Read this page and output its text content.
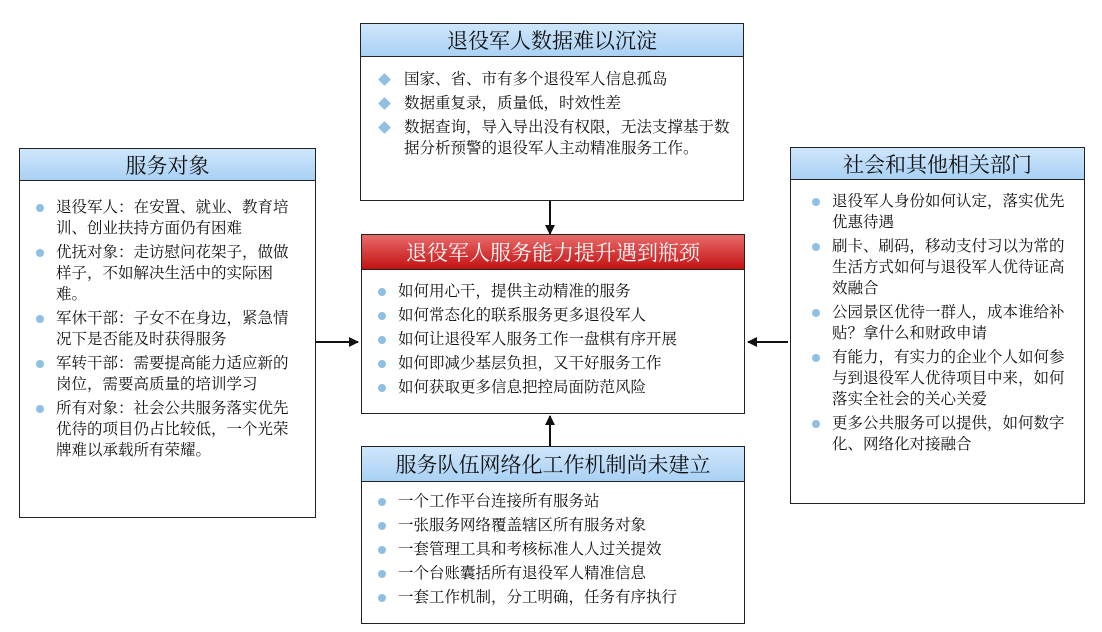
退役军人数据难以沉淀
国家、省、市有多个退役军人信息孤岛
数据重复录，质量低，时效性差
数据查询，导入导出没有权限，无法支撑基于数据分析预警的退役军人主动精准服务工作。
服务对象
退役军人：在安置、就业、教育培训、创业扶持方面仍有困难
优抚对象：走访慰问花架子，做做样子，不如解决生活中的实际困难。
军休干部：子女不在身边，紧急情况下是否能及时获得服务
军转干部：需要提高能力适应新的岗位，需要高质量的培训学习
所有对象：社会公共服务落实优先优待的项目仍占比较低，一个光荣牌难以承载所有荣耀。
退役军人服务能力提升遇到瓶颈
如何用心干，提供主动精准的服务
如何常态化的联系服务更多退役军人
如何让退役军人服务工作一盘棋有序开展
如何即减少基层负担，又干好服务工作
如何获取更多信息把控局面防范风险
社会和其他相关部门
退役军人身份如何认定，落实优先优惠待遇
刷卡、刷码，移动支付习以为常的生活方式如何与退役军人优待证高效融合
公园景区优待一群人，成本谁给补贴？拿什么和财政申请
有能力，有实力的企业个人如何参与到退役军人优待项目中来，如何落实全社会的关心关爱
更多公共服务可以提供，如何数字化、网络化对接融合
服务队伍网络化工作机制尚未建立
一个工作平台连接所有服务站
一张服务网络覆盖辖区所有服务对象
一套管理工具和考核标准人人过关提效
一个台账囊括所有退役军人精准信息
一套工作机制，分工明确，任务有序执行
